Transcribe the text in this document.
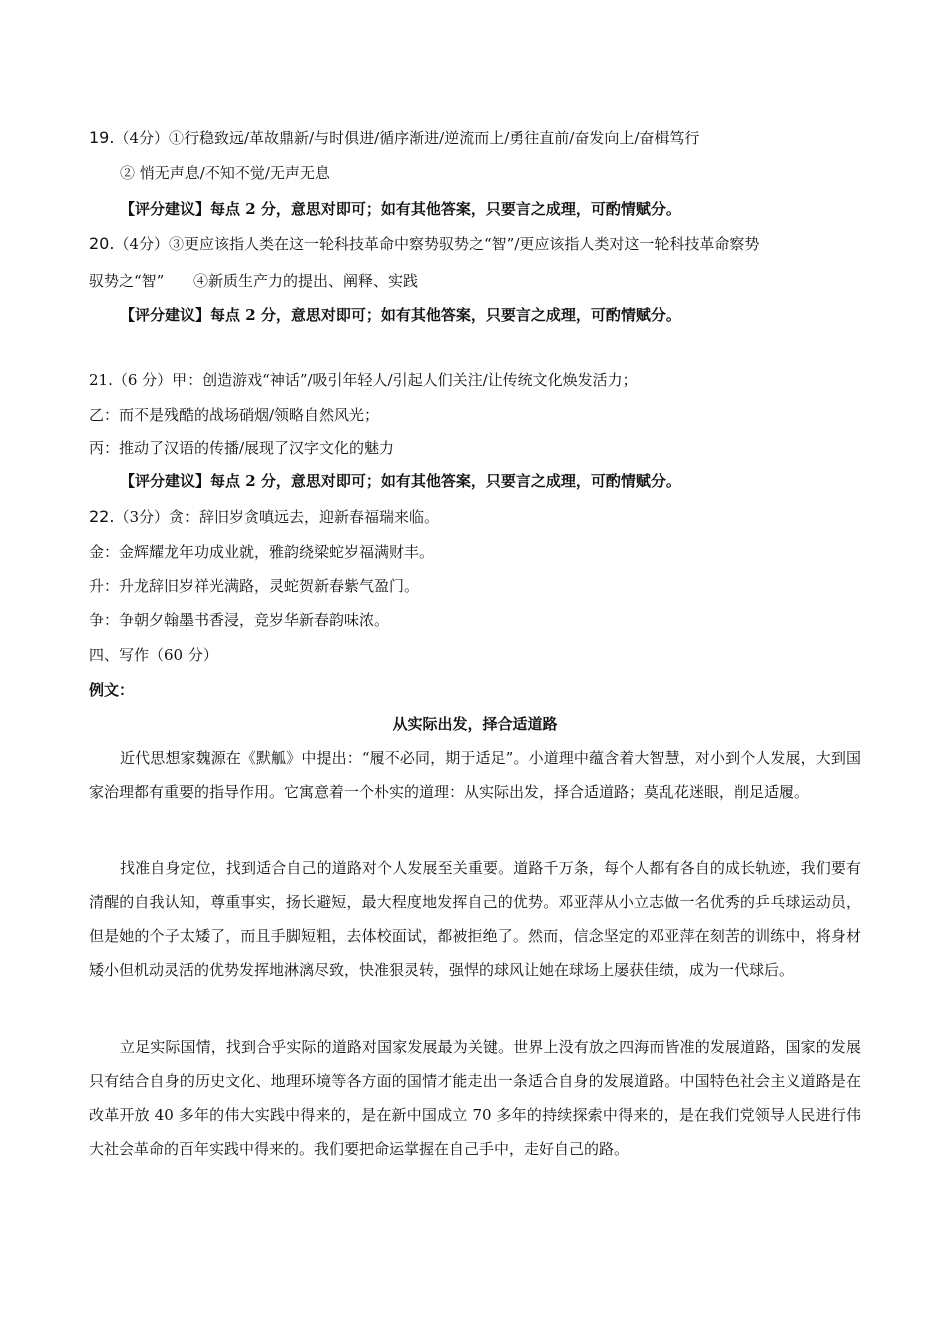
19.（4分）①行稳致远/革故鼎新/与时俱进/循序渐进/逆流而上/勇往直前/奋发向上/奋楫笃行
② 悄无声息/不知不觉/无声无息
【评分建议】每点 2 分，意思对即可；如有其他答案，只要言之成理，可酌情赋分。
20.（4分）③更应该指人类在这一轮科技革命中察势驭势之“智”/更应该指人类对这一轮科技革命察势
驭势之“智”      ④新质生产力的提出、阐释、实践
【评分建议】每点 2 分，意思对即可；如有其他答案，只要言之成理，可酌情赋分。
21.（6 分）甲：创造游戏“神话”/吸引年轻人/引起人们关注/让传统文化焕发活力；
乙：而不是残酷的战场硝烟/领略自然风光；
丙：推动了汉语的传播/展现了汉字文化的魅力
【评分建议】每点 2 分，意思对即可；如有其他答案，只要言之成理，可酌情赋分。
22.（3分）贪：辞旧岁贪嗔远去，迎新春福瑞来临。
金：金辉耀龙年功成业就，雅韵绕梁蛇岁福满财丰。
升：升龙辞旧岁祥光满路，灵蛇贺新春紫气盈门。
争：争朝夕翰墨书香浸，竞岁华新春韵味浓。
四、写作（60 分）
例文：
从实际出发，择合适道路
近代思想家魏源在《默觚》中提出：“履不必同，期于适足”。小道理中蕴含着大智慧，对小到个人发展，大到国家治理都有重要的指导作用。它寓意着一个朴实的道理：从实际出发，择合适道路；莫乱花迷眼，削足适履。
找准自身定位，找到适合自己的道路对个人发展至关重要。道路千万条，每个人都有各自的成长轨迹，我们要有清醒的自我认知，尊重事实，扬长避短，最大程度地发挥自己的优势。邓亚萍从小立志做一名优秀的乒乓球运动员，但是她的个子太矮了，而且手脚短粗，去体校面试，都被拒绝了。然而，信念坚定的邓亚萍在刻苦的训练中，将身材矮小但机动灵活的优势发挥地淋漓尽致，快准狠灵转，强悍的球风让她在球场上屡获佳绩，成为一代球后。
立足实际国情，找到合乎实际的道路对国家发展最为关键。世界上没有放之四海而皆准的发展道路，国家的发展只有结合自身的历史文化、地理环境等各方面的国情才能走出一条适合自身的发展道路。中国特色社会主义道路是在改革开放 40 多年的伟大实践中得来的，是在新中国成立 70 多年的持续探索中得来的，是在我们党领导人民进行伟大社会革命的百年实践中得来的。我们要把命运掌握在自己手中，走好自己的路。
